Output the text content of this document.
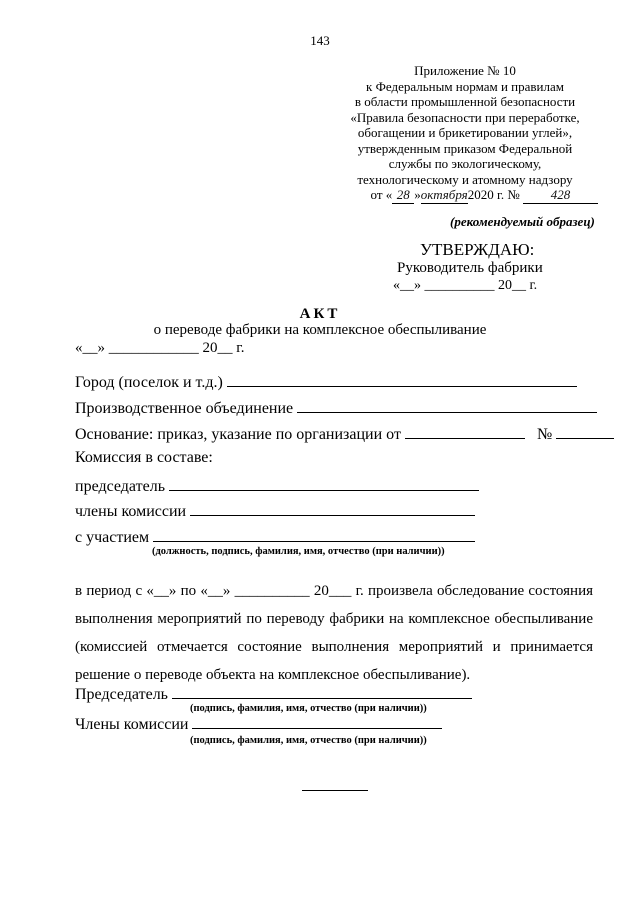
143
Приложение № 10
к Федеральным нормам и правилам
в области промышленной безопасности
«Правила безопасности при переработке,
обогащении и брикетировании углей»,
утвержденным приказом Федеральной
службы по экологическому,
технологическому и атомному надзору
от « 28 »октября2020 г. № 428
(рекомендуемый образец)
УТВЕРЖДАЮ:
Руководитель фабрики
«__» __________ 20__ г.
АКТ
о переводе фабрики на комплексное обеспыливание
«__» ____________ 20__ г.
Город (поселок и т.д.)
Производственное объединение
Основание: приказ, указание по организации от	№
Комиссия в составе:
председатель
члены комиссии
с участием
(должность, подпись, фамилия, имя, отчество (при наличии))
в период с «__» по «__» __________ 20___ г. произвела обследование состояния
выполнения мероприятий по переводу фабрики на комплексное обеспыливание
(комиссией отмечается состояние выполнения мероприятий и принимается
решение о переводе объекта на комплексное обеспыливание).
Председатель
(подпись, фамилия, имя, отчество (при наличии))
Члены комиссии
(подпись, фамилия, имя, отчество (при наличии))
